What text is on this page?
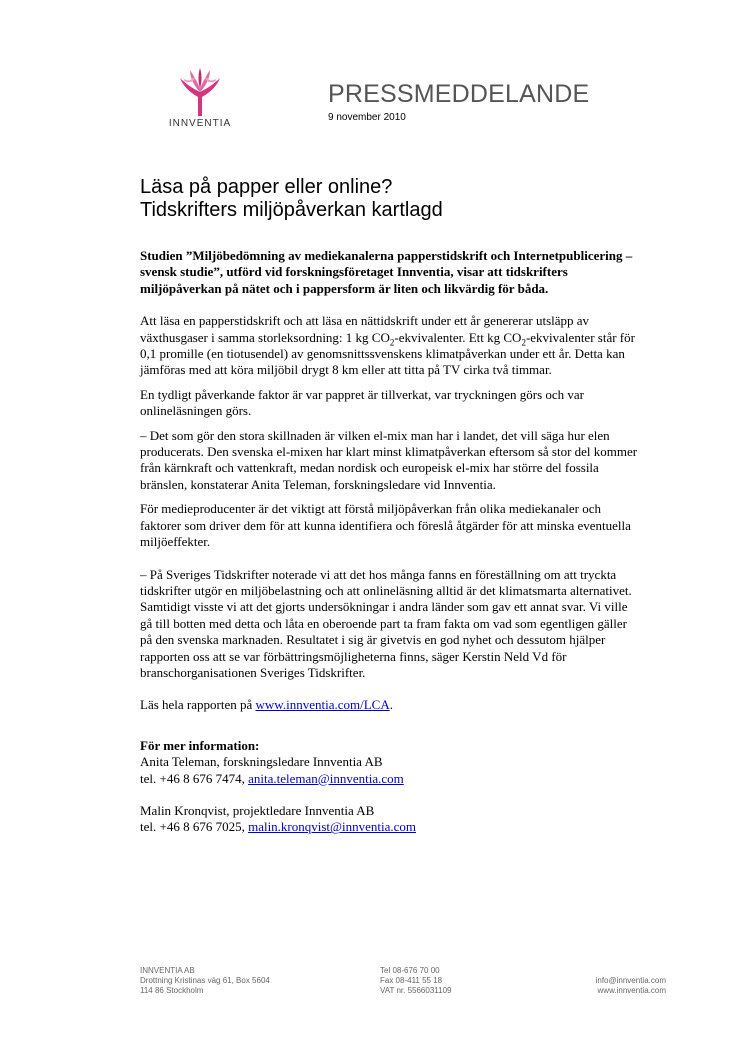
INNVENTIA
PRESSMEDDELANDE
9 november 2010
Läsa på papper eller online?
Tidskrifters miljöpåverkan kartlagd

Studien ”Miljöbedömning av mediekanalerna papperstidskrift och Internetpublicering – svensk studie”, utförd vid forskningsföretaget Innventia, visar att tidskrifters miljöpåverkan på nätet och i pappersform är liten och likvärdig för båda.

Att läsa en papperstidskrift och att läsa en nättidskrift under ett år genererar utsläpp av växthusgaser i samma storleksordning: 1 kg $CO_2$-ekvivalenter. Ett kg $CO_2$-ekvivalenter står för 0,1 promille (en tiotusendel) av genomsnittssvenskens klimatpåverkan under ett år. Detta kan jämföras med att köra miljöbil drygt 8 km eller att titta på TV cirka två timmar.

En tydligt påverkande faktor är var pappret är tillverkat, var tryckningen görs och var onlineläsningen görs.

– Det som gör den stora skillnaden är vilken el-mix man har i landet, det vill säga hur elen producerats. Den svenska el-mixen har klart minst klimatpåverkan eftersom så stor del kommer från kärnkraft och vattenkraft, medan nordisk och europeisk el-mix har större del fossila bränslen, konstaterar Anita Teleman, forskningsledare vid Innventia.

För medieproducenter är det viktigt att förstå miljöpåverkan från olika mediekanaler och faktorer som driver dem för att kunna identifiera och föreslå åtgärder för att minska eventuella miljöeffekter.

– På Sveriges Tidskrifter noterade vi att det hos många fanns en föreställning om att tryckta tidskrifter utgör en miljöbelastning och att onlineläsning alltid är det klimatsmarta alternativet. Samtidigt visste vi att det gjorts undersökningar i andra länder som gav ett annat svar. Vi ville gå till botten med detta och låta en oberoende part ta fram fakta om vad som egentligen gäller på den svenska marknaden. Resultatet i sig är givetvis en god nyhet och dessutom hjälper rapporten oss att se var förbättringsmöjligheterna finns, säger Kerstin Neld Vd för branschorganisationen Sveriges Tidskrifter.

Läs hela rapporten på www.innventia.com/LCA.

För mer information:

Anita Teleman, forskningsledare Innventia AB

tel. +46 8 676 7474, anita.teleman@innventia.com

Malin Kronqvist, projektledare Innventia AB

tel. +46 8 676 7025, malin.kronqvist@innventia.com

INNVENTIA AB
Drottning Kristinas väg 61, Box 5604
114 86 Stockholm
Tel 08-676 70 00
Fax 08-411 55 18
VAT nr. 5566031109
info@innventia.com
www.innventia.com
